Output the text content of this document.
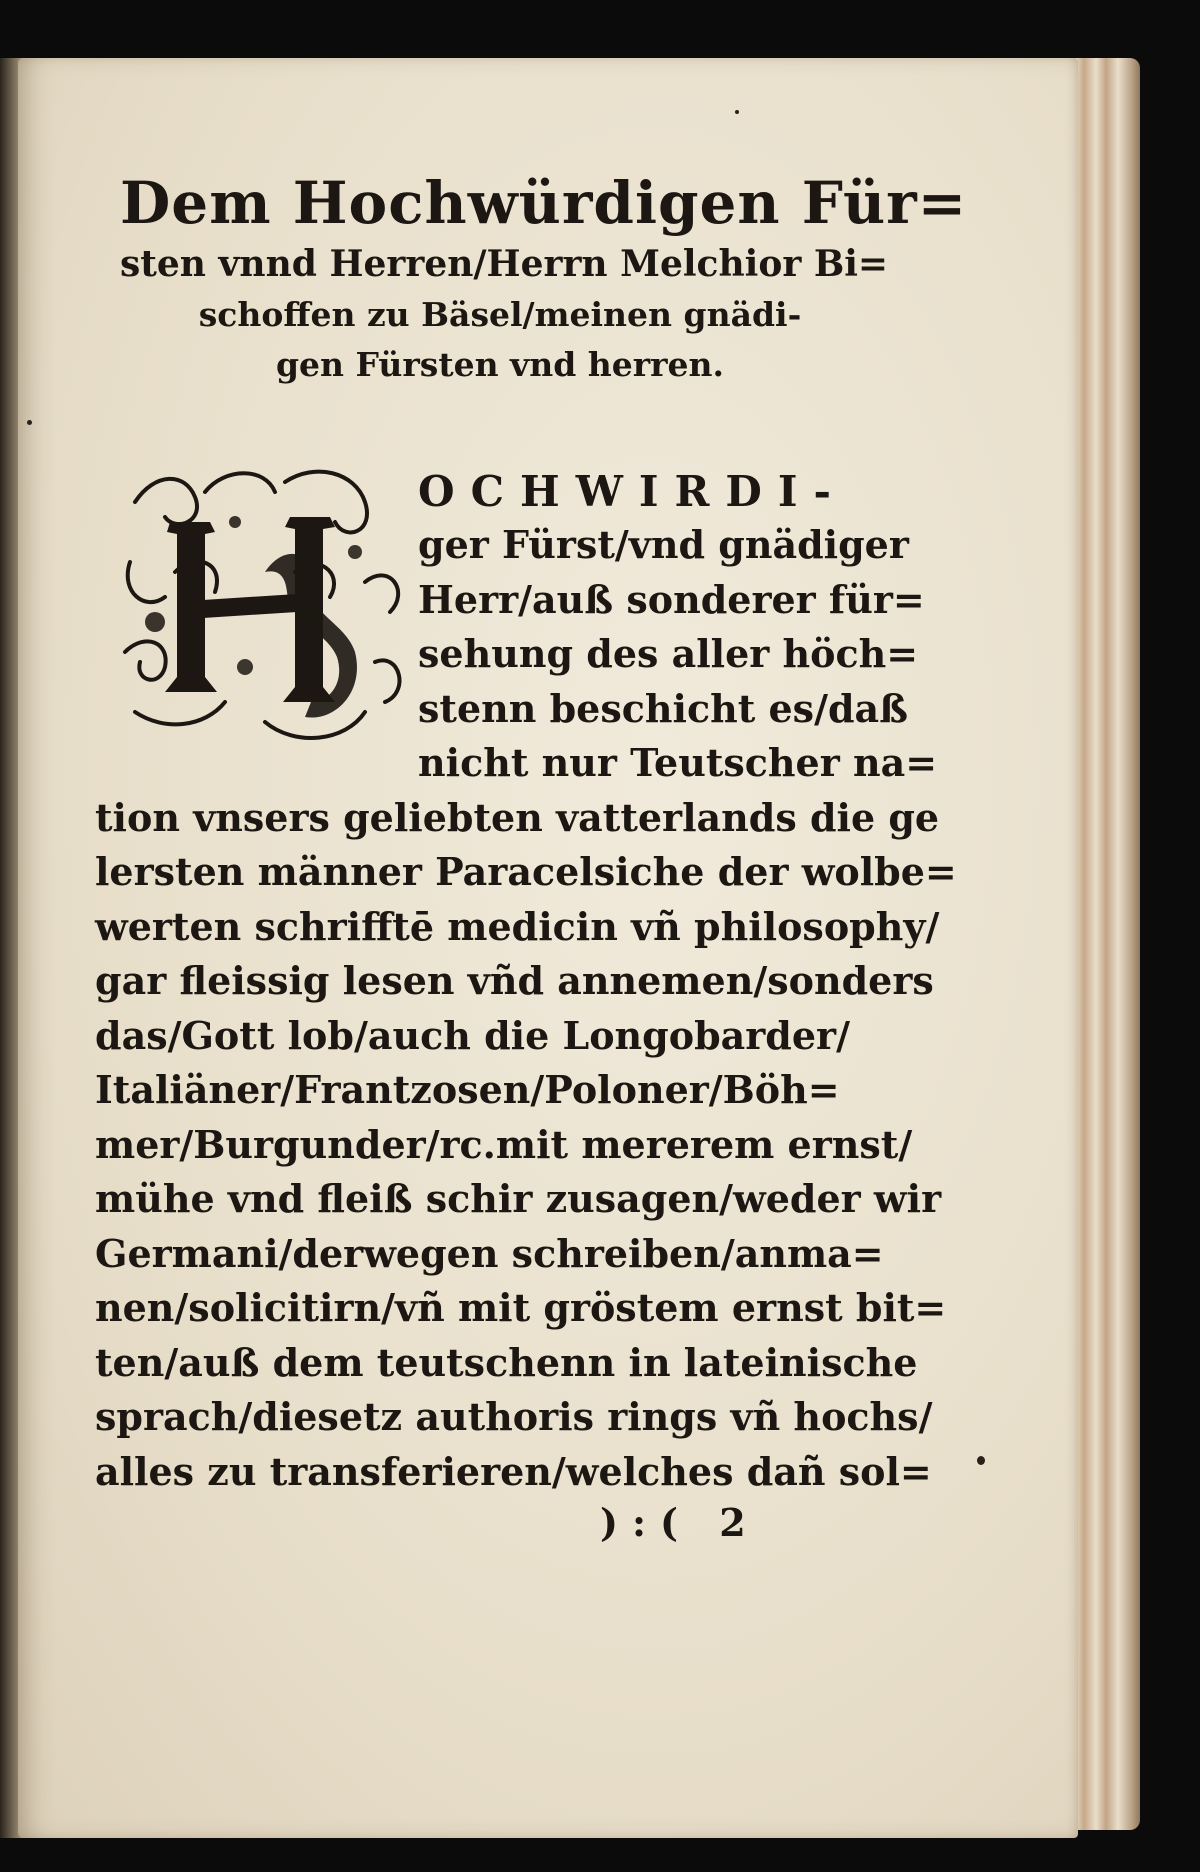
Dem Hochwürdigen Für=
sten vnnd Herren/Herrn Melchior Bi=
schoffen zu Bäsel/meinen gnädi-
gen Fürsten vnd herren.
OCHWIRDI-
ger Fürst/vnd gnädiger
Herr/auß sonderer für=
sehung des aller höch=
stenn beschicht es/daß
nicht nur Teutscher na=
tion vnsers geliebten vatterlands die ge
lersten männer Paracelsiche der wolbe=
werten schrifftē medicin vñ philosophy/
gar fleissig lesen vñd annemen/sonders
das/Gott lob/auch die Longobarder/
Italiäner/Frantzosen/Poloner/Böh=
mer/Burgunder/rc.mit mererem ernst/
mühe vnd fleiß schir zusagen/weder wir
Germani/derwegen schreiben/anma=
nen/solicitirn/vñ mit gröstem ernst bit=
ten/auß dem teutschenn in lateinische
sprach/diesetz authoris rings vñ hochs/
alles zu transferieren/welches dañ sol=
):( 2
